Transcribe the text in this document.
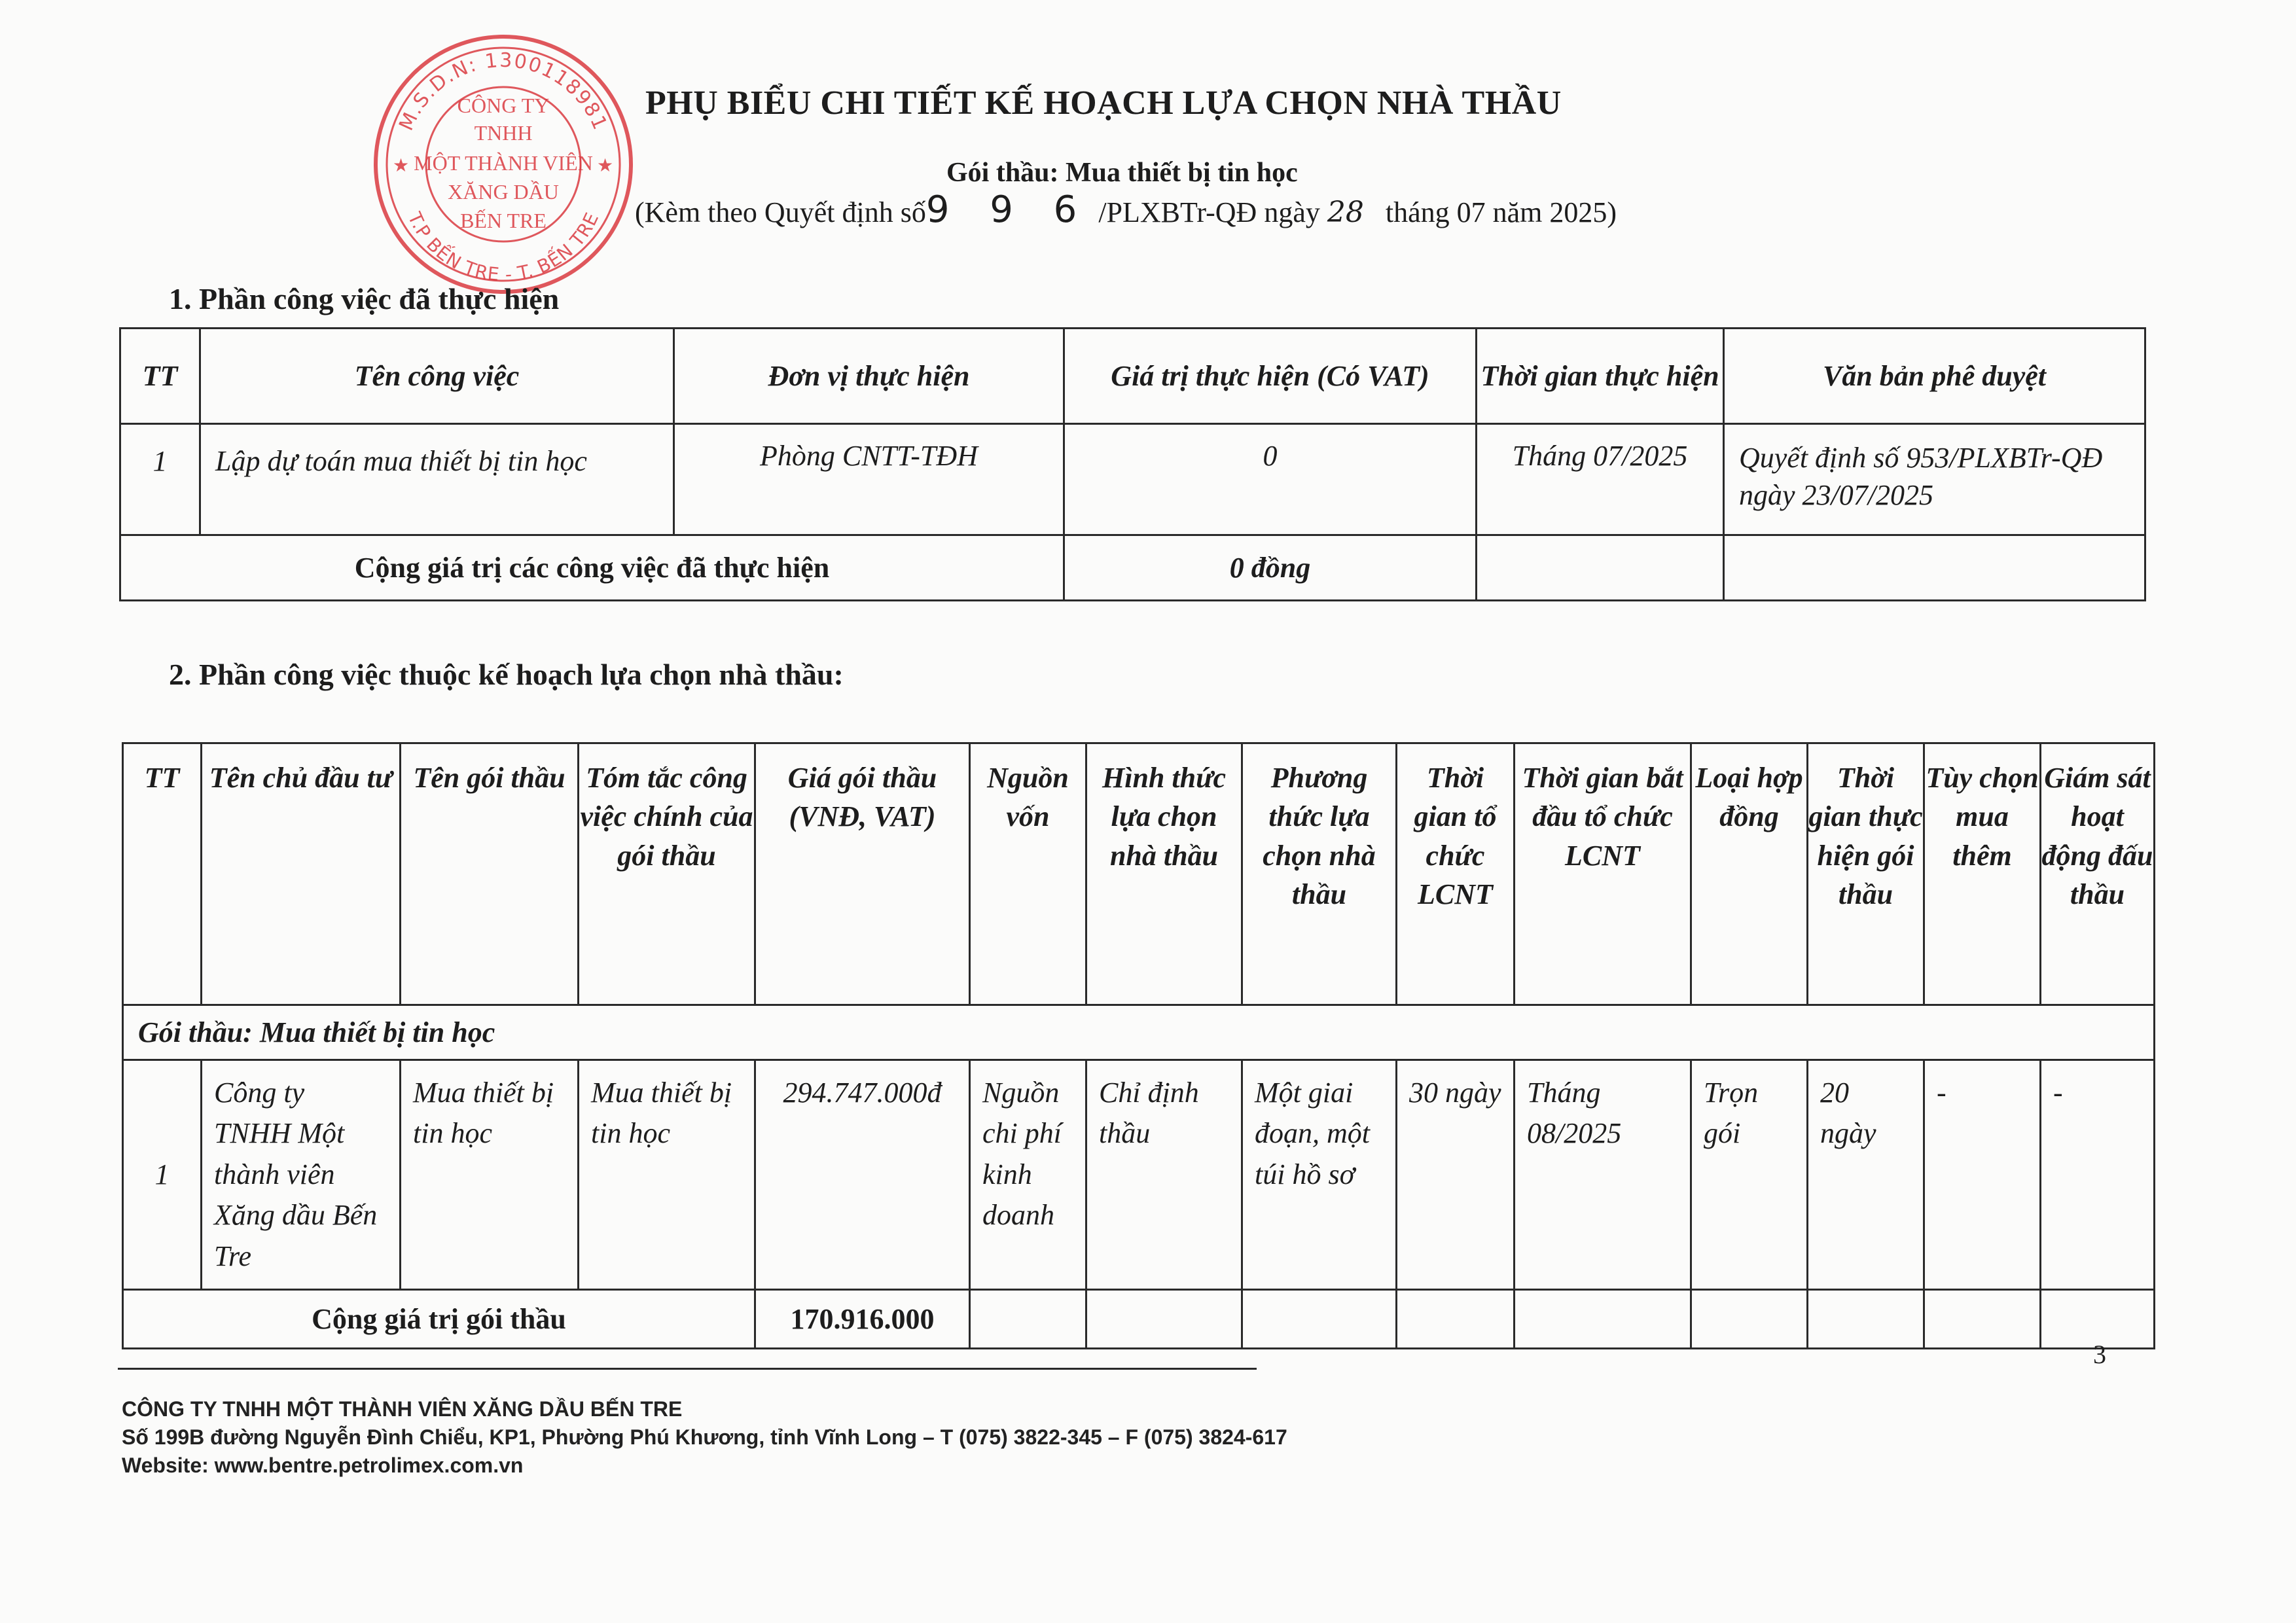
M.S.D.N: 1300118981
T.P BẾN TRE - T. BẾN TRE
★	★
CÔNG TY
TNHH
MỘT THÀNH VIÊN
XĂNG DẦU
BẾN TRE
PHỤ BIỂU CHI TIẾT KẾ HOẠCH LỰA CHỌN NHÀ THẦU
Gói thầu: Mua thiết bị tin học
(Kèm theo Quyết định số9 9 6 /PLXBTr-QĐ ngày 28 tháng 07 năm 2025)
1. Phần công việc đã thực hiện
TT	Tên công việc	Đơn vị thực hiện	Giá trị thực hiện (Có VAT)	Thời gian thực hiện	Văn bản phê duyệt
1	Lập dự toán mua thiết bị tin học	Phòng CNTT-TĐH	0	Tháng 07/2025	Quyết định số 953/PLXBTr-QĐ ngày 23/07/2025
Cộng giá trị các công việc đã thực hiện			0 đồng		
2. Phần công việc thuộc kế hoạch lựa chọn nhà thầu:
TT	Tên chủ đầu tư	Tên gói thầu	Tóm tắc công việc chính của gói thầu	Giá gói thầu (VNĐ, VAT)	Nguồn vốn	Hình thức lựa chọn nhà thầu	Phương thức lựa chọn nhà thầu	Thời gian tổ chức LCNT	Thời gian bắt đầu tổ chức LCNT	Loại hợp đồng	Thời gian thực hiện gói thầu	Tùy chọn mua thêm	Giám sát hoạt động đấu thầu
Gói thầu: Mua thiết bị tin học													
1	Công ty TNHH Một thành viên Xăng dầu Bến Tre	Mua thiết bị tin học	Mua thiết bị tin học	294.747.000đ	Nguồn chi phí kinh doanh	Chỉ định thầu	Một giai đoạn, một túi hồ sơ	30 ngày	Tháng 08/2025	Trọn gói	20 ngày	-	-
Cộng giá trị gói thầu				170.916.000									
3
CÔNG TY TNHH MỘT THÀNH VIÊN XĂNG DẦU BẾN TRE
Số 199B đường Nguyễn Đình Chiểu, KP1, Phường Phú Khương, tỉnh Vĩnh Long – T (075) 3822-345 – F (075) 3824-617
Website: www.bentre.petrolimex.com.vn
